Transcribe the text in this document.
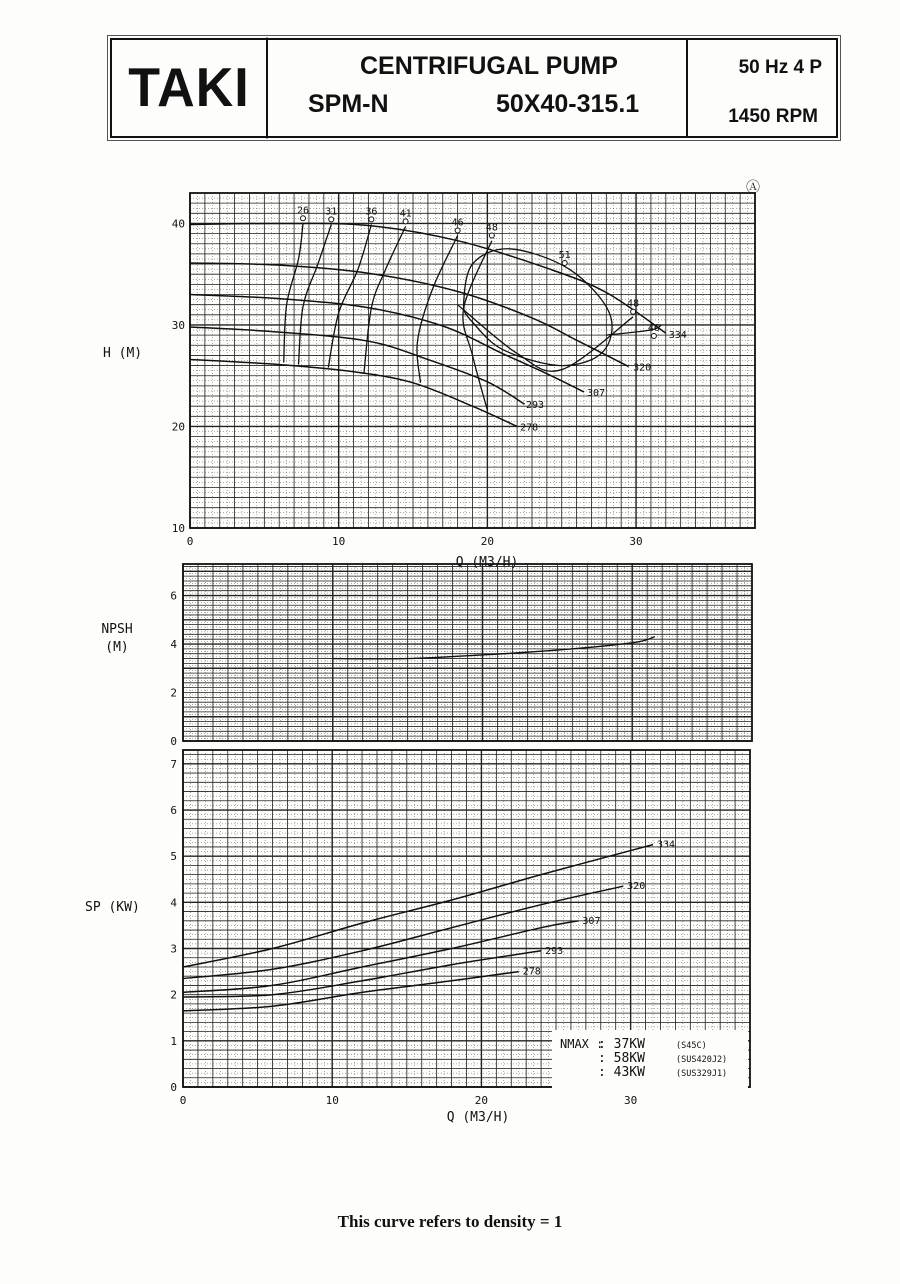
TAKI	CENTRIFUGAL PUMP
SPM-N	50X40-315.1
50 Hz 4 P
1450 RPM
10
20
30
40
0	10	20	30
H (M)
Q (M3/H)
Ⓐ
26 31	36 41
46 48
51
48
46
334
320
307
293
278
0
2
4
6
NPSH
(M)
0
1
2
3
4
5
6
7
0	10	20	30
SP (KW)
Q (M3/H)
334
320
307
293
278
NMAX :
: 37KW	(S45C)
: 58KW	(SUS420J2)
: 43KW	(SUS329J1)
This curve refers to density = 1
